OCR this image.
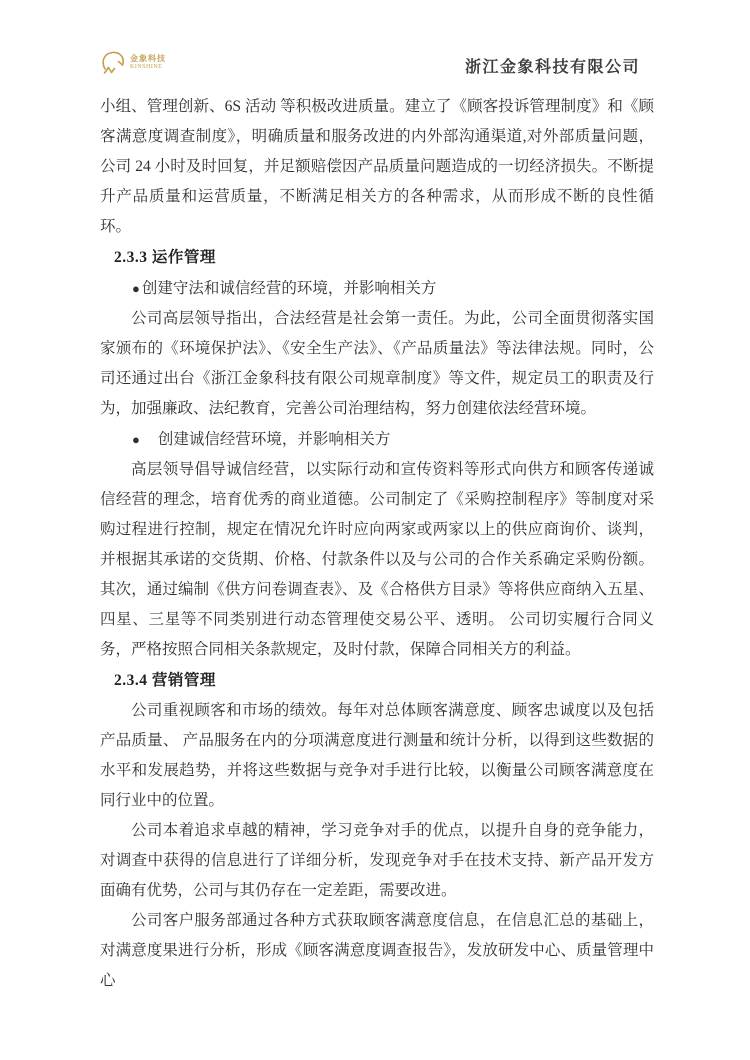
金象科技
KINSHINE	浙江金象科技有限公司

小组、管理创新、6S 活动 等积极改进质量。建立了《顾客投诉管理制度》和《顾客满意度调查制度》，明确质量和服务改进的内外部沟通渠道,对外部质量问题，公司 24 小时及时回复，并足额赔偿因产品质量问题造成的一切经济损失。不断提升产品质量和运营质量，不断满足相关方的各种需求，从而形成不断的良性循环。

2.3.3 运作管理

● 创建守法和诚信经营的环境，并影响相关方

公司高层领导指出，合法经营是社会第一责任。为此，公司全面贯彻落实国家颁布的《环境保护法》、《安全生产法》、《产品质量法》等法律法规。同时，公司还通过出台《浙江金象科技有限公司规章制度》等文件，规定员工的职责及行为，加强廉政、法纪教育，完善公司治理结构，努力创建依法经营环境。

● 创建诚信经营环境，并影响相关方

高层领导倡导诚信经营，以实际行动和宣传资料等形式向供方和顾客传递诚信经营的理念，培育优秀的商业道德。公司制定了《采购控制程序》等制度对采购过程进行控制，规定在情况允许时应向两家或两家以上的供应商询价、谈判，并根据其承诺的交货期、价格、付款条件以及与公司的合作关系确定采购份额。其次，通过编制《供方问卷调查表》、及《合格供方目录》等将供应商纳入五星、四星、三星等不同类别进行动态管理使交易公平、透明。 公司切实履行合同义务，严格按照合同相关条款规定，及时付款，保障合同相关方的利益。

2.3.4 营销管理

公司重视顾客和市场的绩效。每年对总体顾客满意度、顾客忠诚度以及包括产品质量、 产品服务在内的分项满意度进行测量和统计分析，以得到这些数据的水平和发展趋势，并将这些数据与竞争对手进行比较，以衡量公司顾客满意度在同行业中的位置。

公司本着追求卓越的精神，学习竞争对手的优点，以提升自身的竞争能力，对调查中获得的信息进行了详细分析，发现竞争对手在技术支持、新产品开发方面确有优势，公司与其仍存在一定差距，需要改进。

公司客户服务部通过各种方式获取顾客满意度信息，在信息汇总的基础上，对满意度果进行分析，形成《顾客满意度调查报告》，发放研发中心、质量管理中心
